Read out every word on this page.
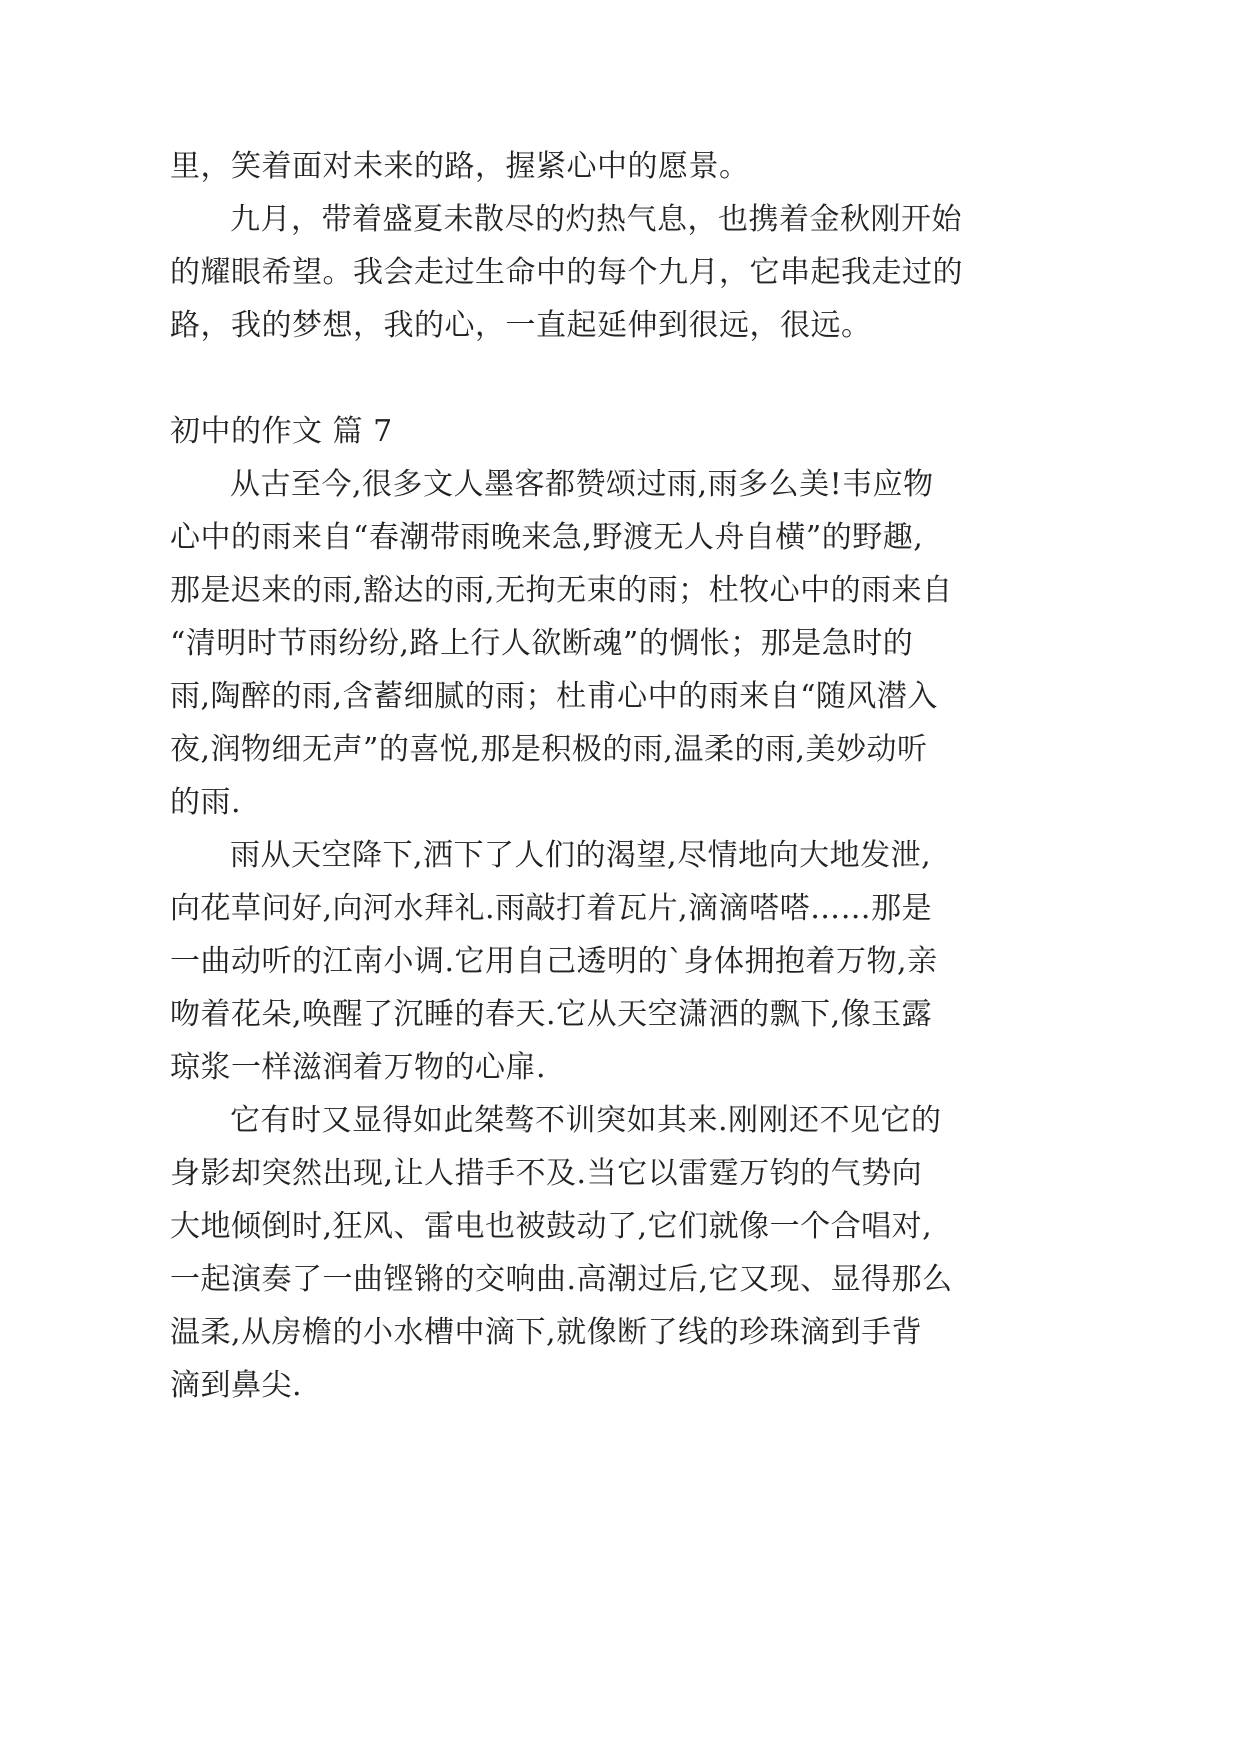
里，笑着面对未来的路，握紧心中的愿景。
九月，带着盛夏未散尽的灼热气息，也携着金秋刚开始
的耀眼希望。我会走过生命中的每个九月，它串起我走过的
路，我的梦想，我的心，一直起延伸到很远，很远。
初中的作文 篇 7
从古至今,很多文人墨客都赞颂过雨,雨多么美!韦应物
心中的雨来自“春潮带雨晚来急,野渡无人舟自横”的野趣,
那是迟来的雨,豁达的雨,无拘无束的雨；杜牧心中的雨来自
“清明时节雨纷纷,路上行人欲断魂”的惆怅；那是急时的
雨,陶醉的雨,含蓄细腻的雨；杜甫心中的雨来自“随风潜入
夜,润物细无声”的喜悦,那是积极的雨,温柔的雨,美妙动听
的雨.
雨从天空降下,洒下了人们的渴望,尽情地向大地发泄,
向花草问好,向河水拜礼.雨敲打着瓦片,滴滴嗒嗒……那是
一曲动听的江南小调.它用自己透明的`身体拥抱着万物,亲
吻着花朵,唤醒了沉睡的春天.它从天空潇洒的飘下,像玉露
琼浆一样滋润着万物的心扉.
它有时又显得如此桀骜不训突如其来.刚刚还不见它的
身影却突然出现,让人措手不及.当它以雷霆万钧的气势向
大地倾倒时,狂风、雷电也被鼓动了,它们就像一个合唱对,
一起演奏了一曲铿锵的交响曲.高潮过后,它又现、显得那么
温柔,从房檐的小水槽中滴下,就像断了线的珍珠滴到手背
滴到鼻尖.
